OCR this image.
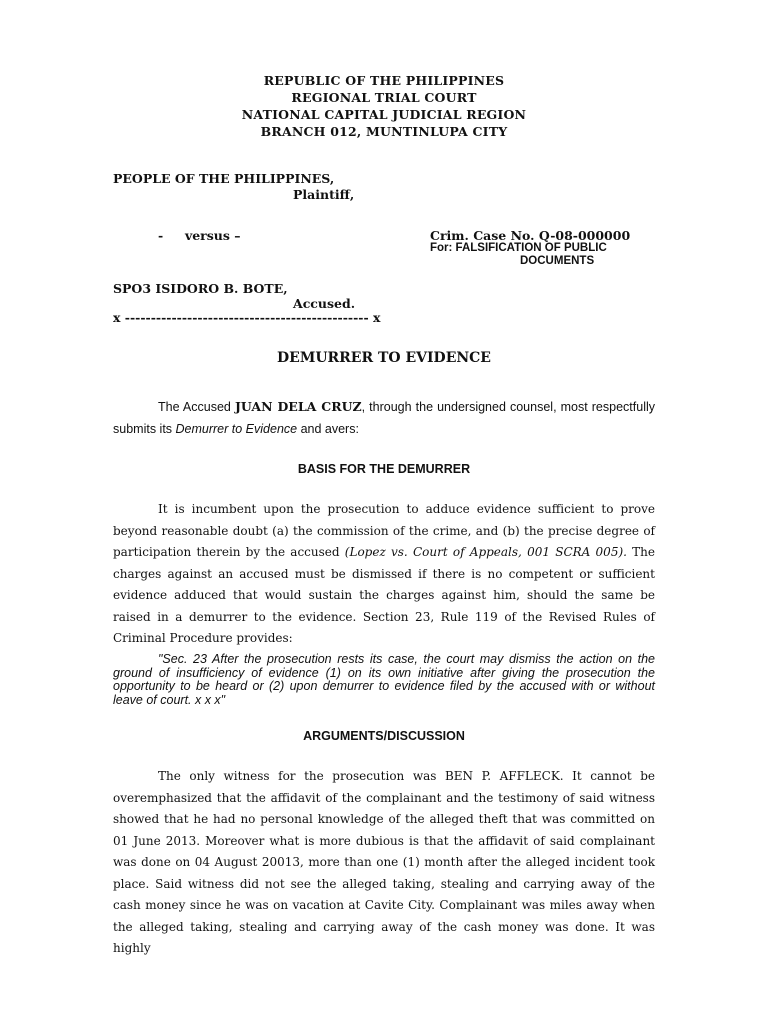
REPUBLIC OF THE PHILIPPINES
REGIONAL TRIAL COURT
NATIONAL CAPITAL JUDICIAL REGION
BRANCH 012, MUNTINLUPA CITY
PEOPLE OF THE PHILIPPINES,
Plaintiff,
-     versus –	Crim. Case No. Q-08-000000
For: FALSIFICATION OF PUBLIC
DOCUMENTS
SPO3 ISIDORO B. BOTE,
Accused.
x ----------------------------------------------- x
DEMURRER TO EVIDENCE

The Accused JUAN DELA CRUZ, through the undersigned counsel, most respectfully submits its Demurrer to Evidence and avers:

BASIS FOR THE DEMURRER

It is incumbent upon the prosecution to adduce evidence sufficient to prove beyond reasonable doubt (a) the commission of the crime, and (b) the precise degree of participation therein by the accused (Lopez vs. Court of Appeals, 001 SCRA 005). The charges against an accused must be dismissed if there is no competent or sufficient evidence adduced that would sustain the charges against him, should the same be raised in a demurrer to the evidence. Section 23, Rule 119 of the Revised Rules of Criminal Procedure provides:

"Sec. 23 After the prosecution rests its case, the court may dismiss the action on the ground of insufficiency of evidence (1) on its own initiative after giving the prosecution the opportunity to be heard or (2) upon demurrer to evidence filed by the accused with or without leave of court. x x x"

ARGUMENTS/DISCUSSION

The only witness for the prosecution was BEN P. AFFLECK. It cannot be overemphasized that the affidavit of the complainant and the testimony of said witness showed that he had no personal knowledge of the alleged theft that was committed on 01 June 2013. Moreover what is more dubious is that the affidavit of said complainant was done on 04 August 20013, more than one (1) month after the alleged incident took place. Said witness did not see the alleged taking, stealing and carrying away of the cash money since he was on vacation at Cavite City. Complainant was miles away when the alleged taking, stealing and carrying away of the cash money was done. It was highly
